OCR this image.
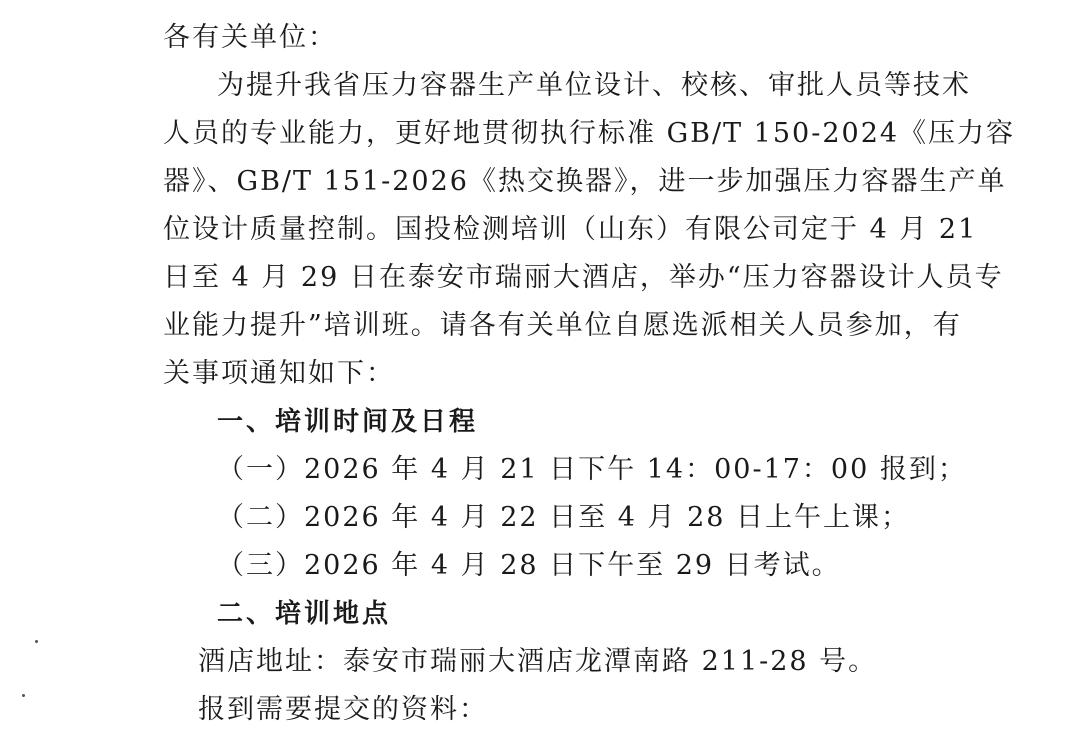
各有关单位：
为提升我省压力容器生产单位设计、校核、审批人员等技术
人员的专业能力，更好地贯彻执行标准 GB/T 150-2024《压力容
器》、GB/T 151-2026《热交换器》，进一步加强压力容器生产单
位设计质量控制。国投检测培训（山东）有限公司定于 4 月 21
日至 4 月 29 日在泰安市瑞丽大酒店，举办“压力容器设计人员专
业能力提升”培训班。请各有关单位自愿选派相关人员参加，有
关事项通知如下：
一、培训时间及日程
（一）2026 年 4 月 21 日下午 14：00-17：00 报到；
（二）2026 年 4 月 22 日至 4 月 28 日上午上课；
（三）2026 年 4 月 28 日下午至 29 日考试。
二、培训地点
酒店地址：泰安市瑞丽大酒店龙潭南路 211-28 号。
报到需要提交的资料：
